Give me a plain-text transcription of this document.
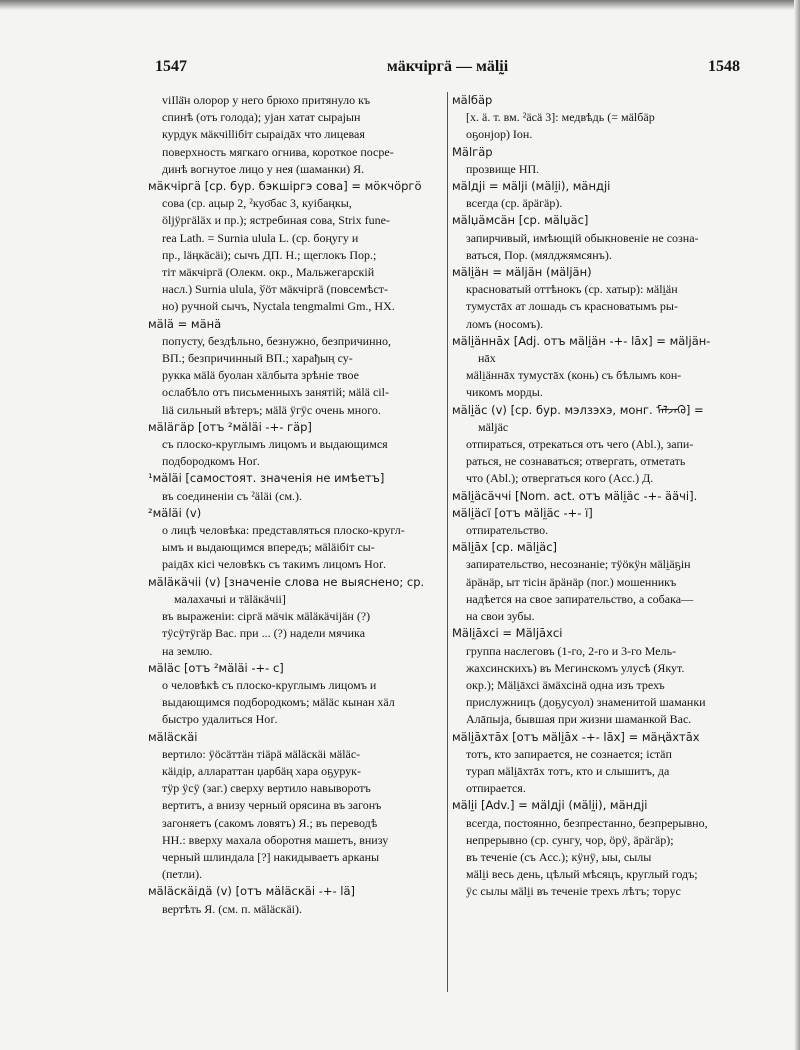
1547	мäкчіргä — мälḭi	1548
viIlä̈н олорор у него брюхо притянуло къ
спинѣ (отъ голода); уjан хатат сырајын
курдук мäкчіllібіт сыраідāх что лицевая
поверхность мягкаго огнива, короткое посре-
динѣ вогнутое лицо у нея (шаманки) Я.
мäкчіргä [ср. бур. бэкшіргэ сова] = мöкчöргö
сова (ср. ацыр 2, ²куо̄бас 3, куібаңкы,
öljÿргäläх и пр.); ястребиная сова, Strix fune-
rea Lath. = Surnia ulula L. (ср. боңугу и
пр., läңкäсäi); сычъ ДП. Н.; щеглокъ Пор.;
тіт мäкчіргä (Олекм. окр., Мальжегарскій
насл.) Surnia ulula, ўöт мäкчіргä (повсемѣст-
но) ручной сычъ, Nyctala tengmalmi Gm., НХ.
мälä = мäнä
попусту, бездѣльно, безнужно, безпричинно,
ВП.; безпричинный ВП.; харађың су-
рукка мälä буолан хäлбыта зрѣніе твое
ослабѣло отъ письменныхъ занятій; мälä cil-
lіä сильный вѣтеръ; мälä ÿгÿс очень много.
мäläгäр [отъ ²мäläi -+- гäр]
съ плоско-круглымъ лицомъ и выдающимся
подбородкомъ Ноґ.
¹мäläi [самостоят. значенія не имѣетъ]
въ соединеніи съ ²äläi (см.).
²мäläi (v)
о лицѣ человѣка: представляться плоско-кругл-
ымъ и выдающимся впередъ; мäläібіт сы-
раідāх кісі человѣкъ съ такимъ лицомъ Ноґ.
мäläкäчіі (v) [значеніе слова не выяснено; ср.
малахачыі и тäläкäчіі]
въ выраженіи: сіргä мäчік мäläкäчіjäн (?)
тÿсÿтÿгäр Вас. при ... (?) надели мячика
на землю.
мäläс [отъ ²мäläi -+- с]
о человѣкѣ съ плоско-круглымъ лицомъ и
выдающимся подбородкомъ; мäläс кынан хäл
быстро удалиться Ноґ.
мäläскäi
вертило: ÿöсäттäн тіäрä мäläскäi мäläс-
кäідір, аллараттан џарбäң хара оҕурук-
тÿр ÿсÿ (заг.) сверху вертило навыворотъ
вертитъ, а внизу черный орясина въ загонъ
загоняетъ (сакомъ ловятъ) Я.; въ переводѣ
НН.: вверху махала оборотня машетъ, внизу
черный шлиндала [?] накидываетъ арканы
(петли).
мäläскäiдä (v) [отъ мäläскäi -+- lä]
вертѣть Я. (см. п. мäläскäi).
мälбäр
[х. ä. т. вм. ²äсä 3]: медвѣдь (= мälбäр
оҕонјор) Іон.
Мälгäр
прозвище НП.
мälдji = мälji (мälḭi), мäндji
всегда (ср. äрäгäр).
мälџäмсäн [ср. мälџäс]
запирчивый, имѣющій обыкновеніе не созна-
ваться, Пор. (мялджямсянъ).
мälḭäн = мäljäн (мälјäн)
красноватый оттѣнокъ (ср. хатыр): мälḭäн
тумустāх ат лошадь съ красноватымъ ры-
ломъ (носомъ).
мälḭäннāх [Adj. отъ мälḭäн -+- lāх] = мäljäн-
нāх
мälḭäннāх тумустāх (конь) съ бѣлымъ кон-
чикомъ морды.
мälḭäс (v) [ср. бур. мэлзэхэ, монг. ᠮᠡᠯᠵᠡᠬᠦ] =
мäljäс
отпираться, отрекаться отъ чего (Abl.), запи-
раться, не сознаваться; отвергать, отметать
что (Abl.); отвергаться кого (Acc.) Д.
мälḭäсäччі [Nom. act. отъ мälḭäс -+- ääчі].
мälḭäсї [отъ мälḭäс -+- ї]
отпирательство.
мälḭāх [ср. мälḭäс]
запирательство, несознаніе; тÿöкÿн мälḭäҕін
äрäнäр, ыт тісін äрäнäр (пог.) мошенникъ
надѣется на свое запирательство, а собака—
на свои зубы.
Мälḭāхсі = Мäljāхсі
группа наслеговъ (1-го, 2-го и 3-го Мель-
жахсинскихъ) въ Мегинскомъ улусѣ (Якут.
окр.); Мälḭāхсі äмäхсінä одна изъ трехъ
прислужницъ (доҕусуол) знаменитой шаманки
Алāпыја, бывшая при жизни шаманкой Вас.
мälḭāхтāх [отъ мälḭāх -+- lāх] = мäңäхтāх
тотъ, кто запирается, не сознается; істäп
турап мälḭāхтāх тотъ, кто и слышитъ, да
отпирается.
мälḭi [Adv.] = мälдji (мälḭi), мäндji
всегда, постоянно, безпрестанно, безпрерывно,
непрерывно (ср. сунгу, чор, öрÿ, äрäгäр);
въ теченіе (съ Acc.); кÿнÿ, ыы, сылы
мälḭi весь день, цѣлый мѣсяцъ, круглый годъ;
ÿс сылы мälḭi въ теченіе трехъ лѣтъ; торус
